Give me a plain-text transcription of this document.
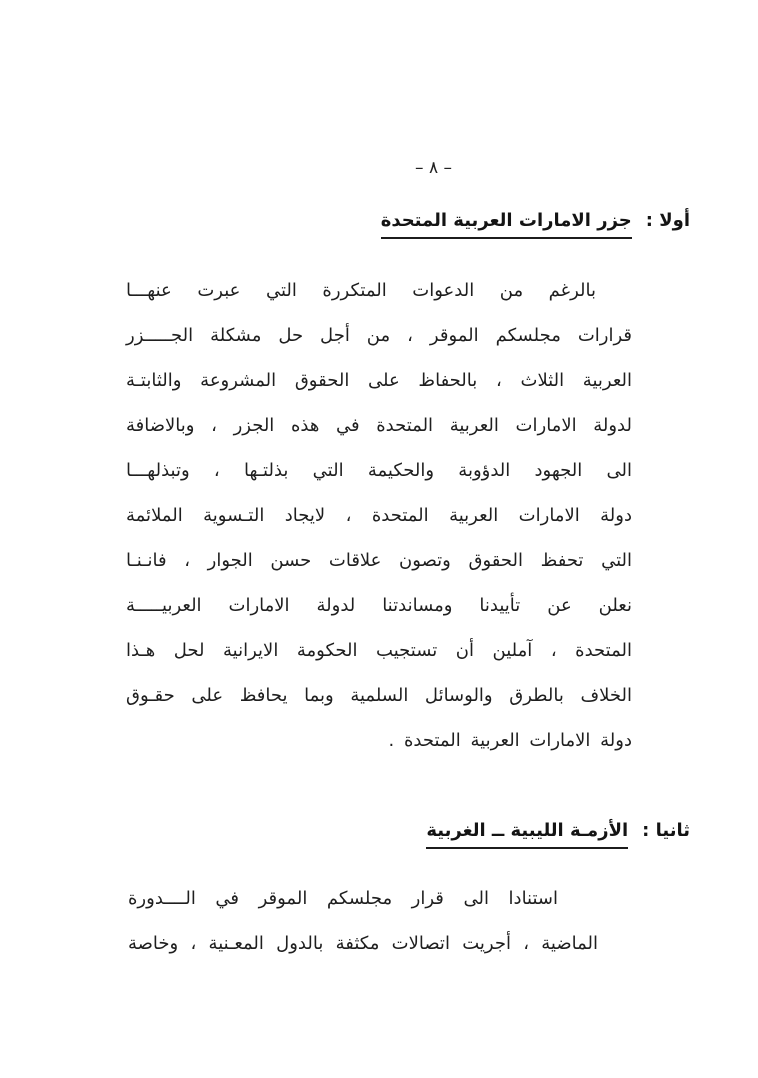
– ٨ –
أولا :
جزر الامارات العربية المتحدة
بالرغم من الدعوات المتكررة التي عبرت عنهـــا
قرارات مجلسكم الموقر ، من أجل حل مشكلة الجـــــزر
العربية الثلاث ، بالحفاظ على الحقوق المشروعة والثابتـة
لدولة الامارات العربية المتحدة في هذه الجزر ، وبالاضافة
الى الجهود الدؤوبة والحكيمة التي بذلتـها ، وتبذلهـــا
دولة الامارات العربية المتحدة ، لايجاد التـسوية الملائمة
التي تحفظ الحقوق وتصون علاقات حسن الجوار ، فانـنـا
نعلن عن تأييدنا ومساندتنا لدولة الامارات العربيـــــة
المتحدة ، آملين أن تستجيب الحكومة الايرانية لحل هـذا
الخلاف بالطرق والوسائل السلمية وبما يحافظ على حقـوق
دولة الامارات العربية المتحدة .
ثانيا :
الأزمـة الليبية ــ الغربية
استنادا الى قرار مجلسكم الموقر في الــــدورة
الماضية ، أجريت اتصالات مكثفة بالدول المعـنية ، وخاصة
